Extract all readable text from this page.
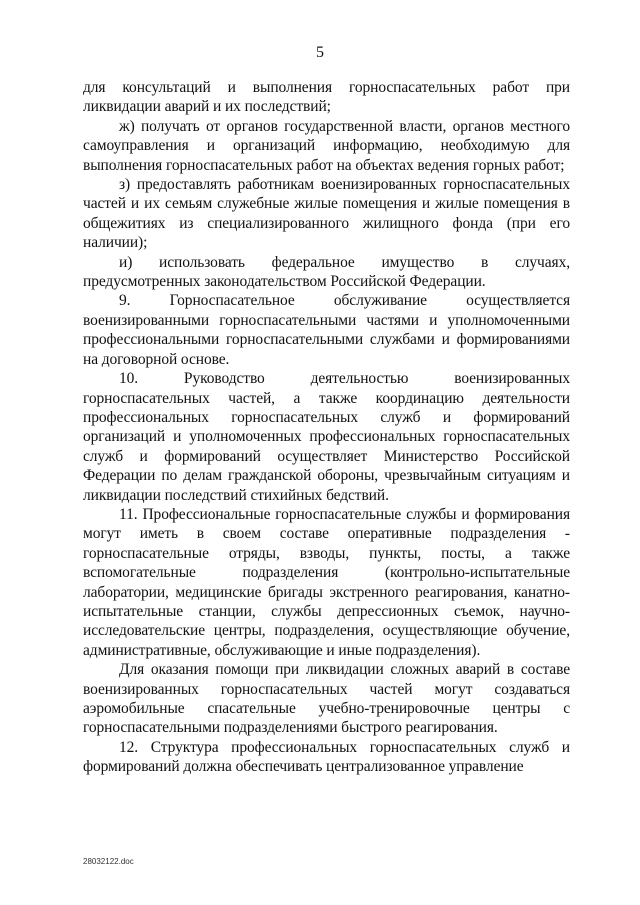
5

для консультаций и выполнения горноспасательных работ при ликвидации аварий и их последствий;

ж) получать от органов государственной власти, органов местного самоуправления и организаций информацию, необходимую для выполнения горноспасательных работ на объектах ведения горных работ;

з) предоставлять работникам военизированных горноспасательных частей и их семьям служебные жилые помещения и жилые помещения в общежитиях из специализированного жилищного фонда (при его наличии);

и) использовать федеральное имущество в случаях, предусмотренных законодательством Российской Федерации.

9. Горноспасательное обслуживание осуществляется военизированными горноспасательными частями и уполномоченными профессиональными горноспасательными службами и формированиями на договорной основе.

10. Руководство деятельностью военизированных горноспасательных частей, а также координацию деятельности профессиональных горноспасательных служб и формирований организаций и уполномоченных профессиональных горноспасательных служб и формирований осуществляет Министерство Российской Федерации по делам гражданской обороны, чрезвычайным ситуациям и ликвидации последствий стихийных бедствий.

11. Профессиональные горноспасательные службы и формирования могут иметь в своем составе оперативные подразделения - горноспасательные отряды, взводы, пункты, посты, а также вспомогательные подразделения (контрольно-испытательные лаборатории, медицинские бригады экстренного реагирования, канатно-испытательные станции, службы депрессионных съемок, научно-исследовательские центры, подразделения, осуществляющие обучение, административные, обслуживающие и иные подразделения).

Для оказания помощи при ликвидации сложных аварий в составе военизированных горноспасательных частей могут создаваться аэромобильные спасательные учебно-тренировочные центры с горноспасательными подразделениями быстрого реагирования.

12. Структура профессиональных горноспасательных служб и формирований должна обеспечивать централизованное управление

28032122.doc
